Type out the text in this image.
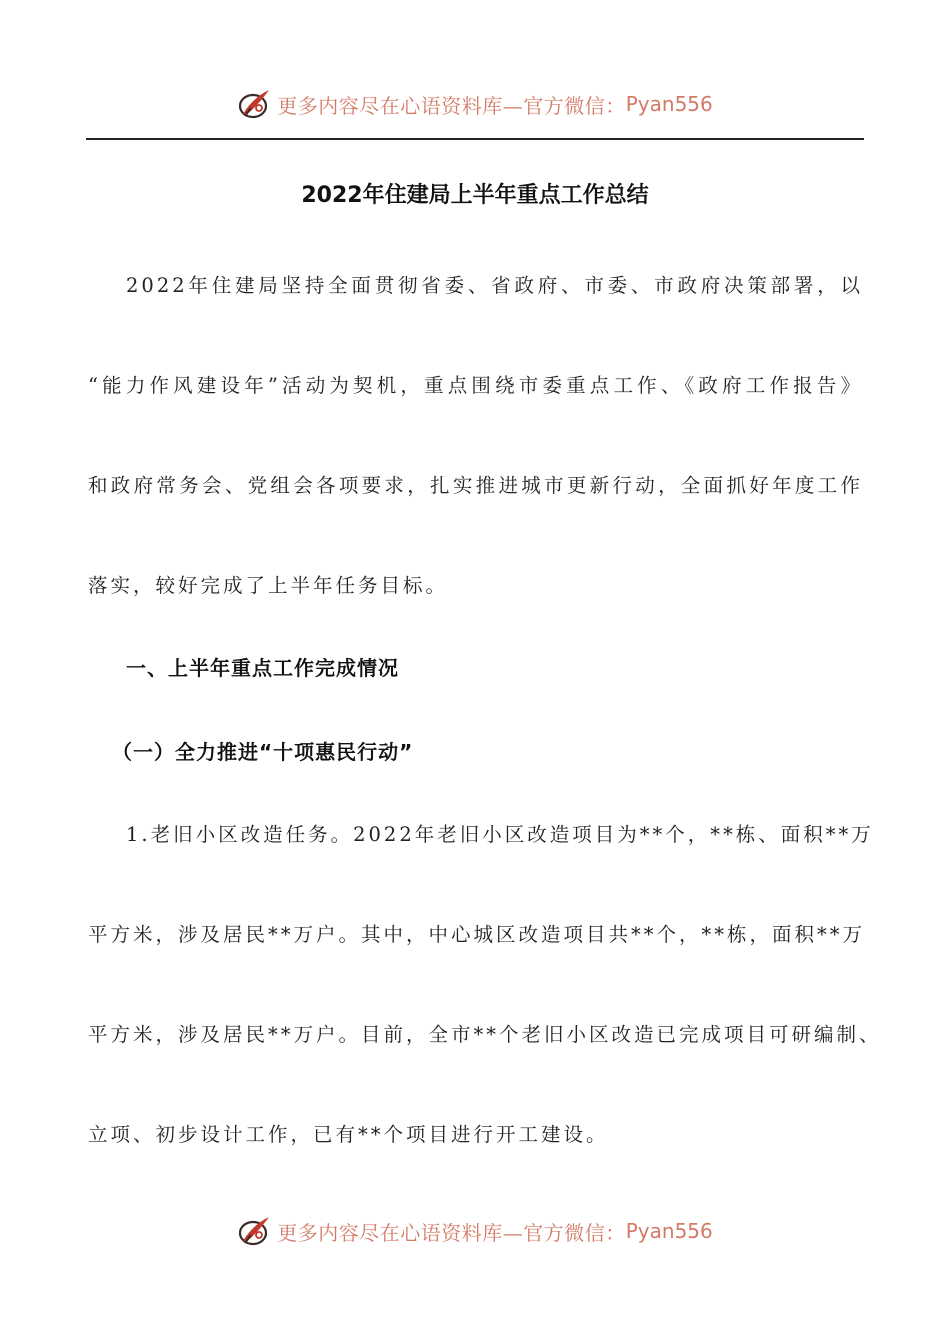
更多内容尽在心语资料库—官方微信： Pyan556
2022年住建局上半年重点工作总结
2022年住建局坚持全面贯彻省委、省政府、市委、市政府决策部署，以
“能力作风建设年”活动为契机，重点围绕市委重点工作、《政府工作报告》
和政府常务会、党组会各项要求，扎实推进城市更新行动，全面抓好年度工作
落实，较好完成了上半年任务目标。
一、上半年重点工作完成情况
（一）全力推进“十项惠民行动”
1.老旧小区改造任务。2022年老旧小区改造项目为**个，**栋、面积**万
平方米，涉及居民**万户。其中，中心城区改造项目共**个，**栋，面积**万
平方米，涉及居民**万户。目前，全市**个老旧小区改造已完成项目可研编制、
立项、初步设计工作，已有**个项目进行开工建设。
更多内容尽在心语资料库—官方微信： Pyan556
